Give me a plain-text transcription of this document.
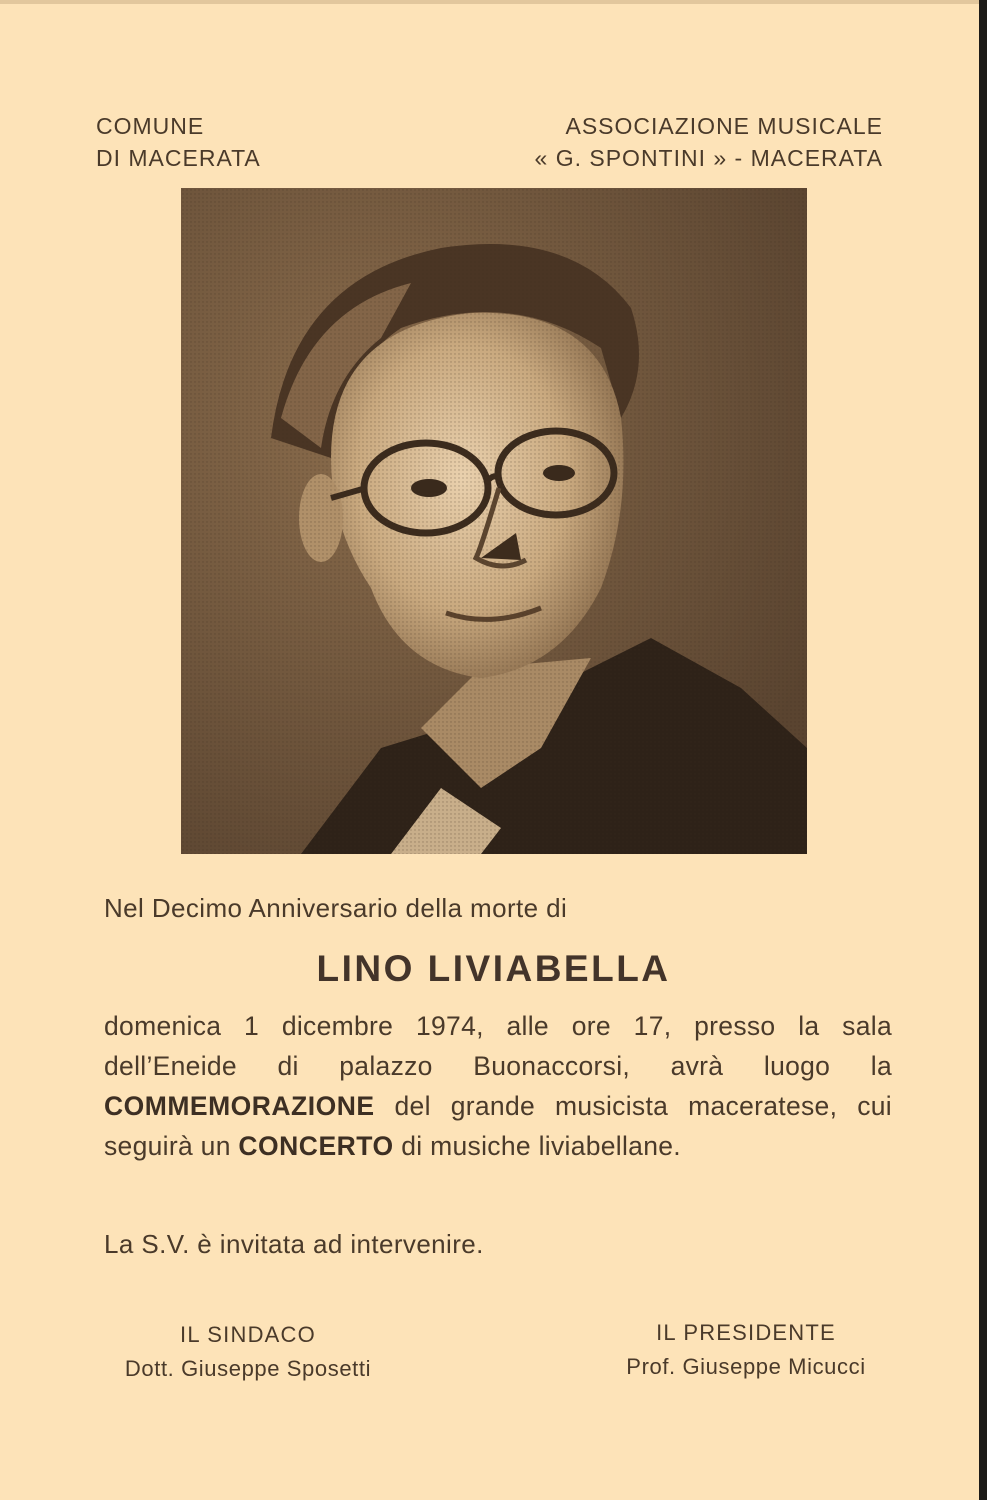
COMUNE
DI MACERATA
ASSOCIAZIONE MUSICALE
« G. SPONTINI » - MACERATA
Nel Decimo Anniversario della morte di
LINO LIVIABELLA
domenica 1 dicembre 1974, alle ore 17, presso la sala dell’Eneide di palazzo Buonaccorsi, avrà luogo la COMMEMORAZIONE del grande musicista maceratese, cui seguirà un CONCERTO di musiche liviabellane.
La S.V. è invitata ad intervenire.
IL SINDACO
Dott. Giuseppe Sposetti
IL PRESIDENTE
Prof. Giuseppe Micucci
